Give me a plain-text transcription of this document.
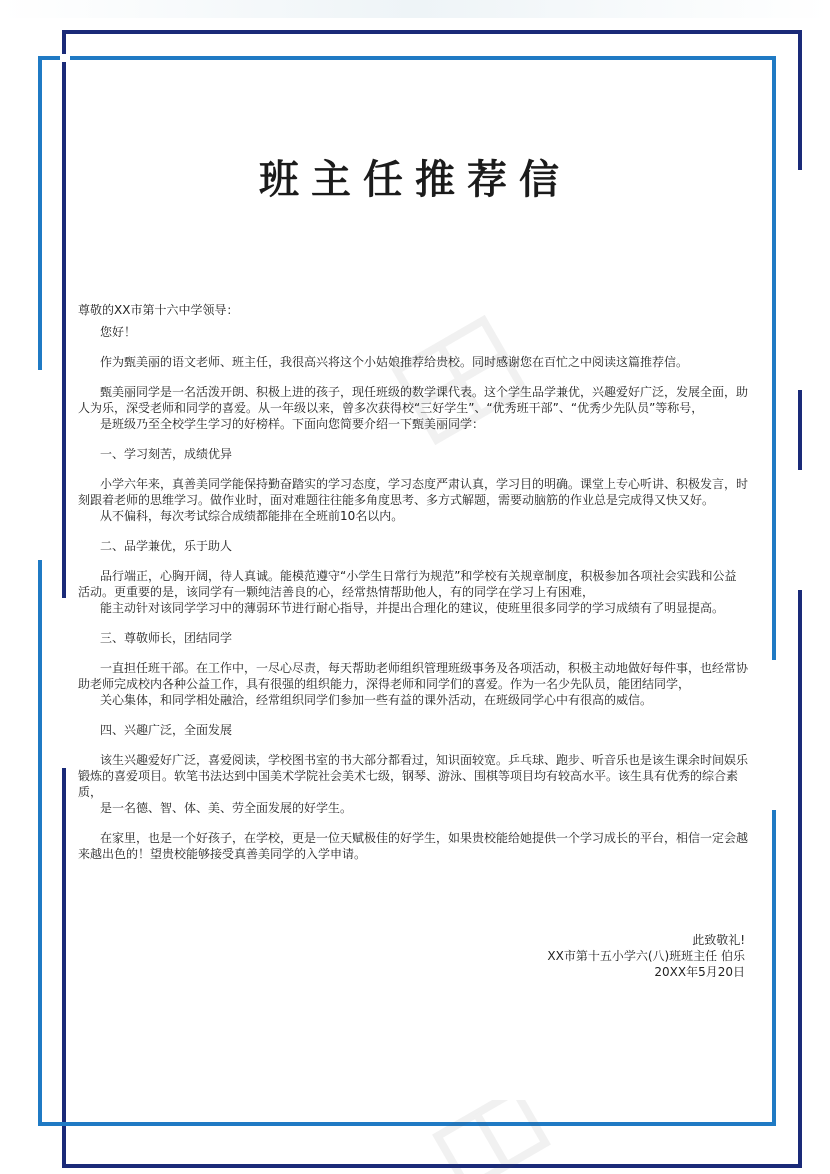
班主任推荐信

尊敬的XX市第十六中学领导：

您好！

作为甄美丽的语文老师、班主任，我很高兴将这个小姑娘推荐给贵校。同时感谢您在百忙之中阅读这篇推荐信。

甄美丽同学是一名活泼开朗、积极上进的孩子，现任班级的数学课代表。这个学生品学兼优，兴趣爱好广泛，发展全面，助人为乐，深受老师和同学的喜爱。从一年级以来，曾多次获得校“三好学生”、“优秀班干部”、“优秀少先队员”等称号，

是班级乃至全校学生学习的好榜样。下面向您简要介绍一下甄美丽同学：

一、学习刻苦，成绩优异

小学六年来，真善美同学能保持勤奋踏实的学习态度，学习态度严肃认真，学习目的明确。课堂上专心听讲、积极发言，时刻跟着老师的思维学习。做作业时，面对难题往往能多角度思考、多方式解题，需要动脑筋的作业总是完成得又快又好。

从不偏科，每次考试综合成绩都能排在全班前10名以内。

二、品学兼优，乐于助人

品行端正，心胸开阔，待人真诚。能模范遵守“小学生日常行为规范”和学校有关规章制度，积极参加各项社会实践和公益活动。更重要的是，该同学有一颗纯洁善良的心，经常热情帮助他人，有的同学在学习上有困难，

能主动针对该同学学习中的薄弱环节进行耐心指导，并提出合理化的建议，使班里很多同学的学习成绩有了明显提高。

三、尊敬师长，团结同学

一直担任班干部。在工作中，一尽心尽责，每天帮助老师组织管理班级事务及各项活动，积极主动地做好每件事，也经常协助老师完成校内各种公益工作，具有很强的组织能力，深得老师和同学们的喜爱。作为一名少先队员，能团结同学，

关心集体，和同学相处融洽，经常组织同学们参加一些有益的课外活动，在班级同学心中有很高的威信。

四、兴趣广泛，全面发展

该生兴趣爱好广泛，喜爱阅读，学校图书室的书大部分都看过，知识面较宽。乒乓球、跑步、听音乐也是该生课余时间娱乐锻炼的喜爱项目。软笔书法达到中国美术学院社会美术七级，钢琴、游泳、围棋等项目均有较高水平。该生具有优秀的综合素质，

是一名德、智、体、美、劳全面发展的好学生。

在家里，也是一个好孩子，在学校，更是一位天赋极佳的好学生，如果贵校能给她提供一个学习成长的平台，相信一定会越来越出色的！望贵校能够接受真善美同学的入学申请。

此致敬礼!
XX市第十五小学六(八)班班主任 伯乐
20XX年5月20日
